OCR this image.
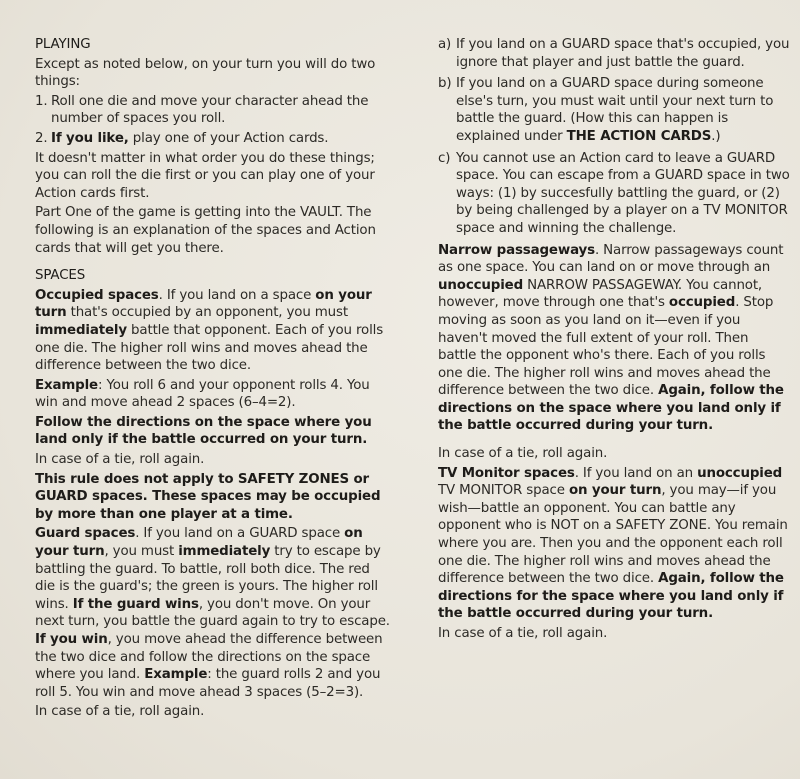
PLAYING

Except as noted below, on your turn you will do two things:

1. Roll one die and move your character ahead the number of spaces you roll.
2. If you like, play one of your Action cards.

It doesn't matter in what order you do these things; you can roll the die first or you can play one of your Action cards first.

Part One of the game is getting into the VAULT. The following is an explanation of the spaces and Action cards that will get you there.

SPACES

Occupied spaces. If you land on a space on your turn that's occupied by an opponent, you must immediately battle that opponent. Each of you rolls one die. The higher roll wins and moves ahead the difference between the two dice.

Example: You roll 6 and your opponent rolls 4. You win and move ahead 2 spaces (6–4=2).

Follow the directions on the space where you land only if the battle occurred on your turn.

In case of a tie, roll again.

This rule does not apply to SAFETY ZONES or GUARD spaces. These spaces may be occupied by more than one player at a time.

Guard spaces. If you land on a GUARD space on your turn, you must immediately try to escape by battling the guard. To battle, roll both dice. The red die is the guard's; the green is yours. The higher roll wins. If the guard wins, you don't move. On your next turn, you battle the guard again to try to escape. If you win, you move ahead the difference between the two dice and follow the directions on the space where you land. Example: the guard rolls 2 and you roll 5. You win and move ahead 3 spaces (5–2=3).

In case of a tie, roll again.

a) If you land on a GUARD space that's occupied, you ignore that player and just battle the guard.
b) If you land on a GUARD space during someone else's turn, you must wait until your next turn to battle the guard. (How this can happen is explained under THE ACTION CARDS.)
c) You cannot use an Action card to leave a GUARD space. You can escape from a GUARD space in two ways: (1) by succesfully battling the guard, or (2) by being challenged by a player on a TV MONITOR space and winning the challenge.

Narrow passageways. Narrow passageways count as one space. You can land on or move through an unoccupied NARROW PASSAGEWAY. You cannot, however, move through one that's occupied. Stop moving as soon as you land on it—even if you haven't moved the full extent of your roll. Then battle the opponent who's there. Each of you rolls one die. The higher roll wins and moves ahead the difference between the two dice. Again, follow the directions on the space where you land only if the battle occurred during your turn.

In case of a tie, roll again.

TV Monitor spaces. If you land on an unoccupied TV MONITOR space on your turn, you may—if you wish—battle an opponent. You can battle any opponent who is NOT on a SAFETY ZONE. You remain where you are. Then you and the opponent each roll one die. The higher roll wins and moves ahead the difference between the two dice. Again, follow the directions for the space where you land only if the battle occurred during your turn.

In case of a tie, roll again.
